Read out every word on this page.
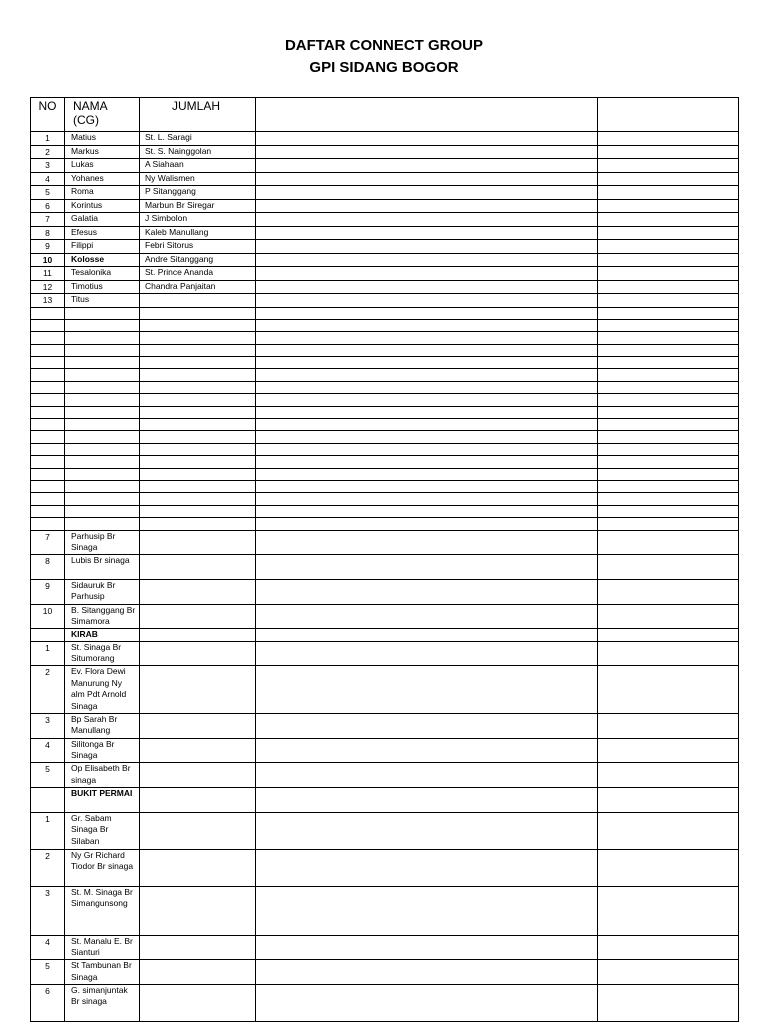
DAFTAR CONNECT GROUP
GPI SIDANG BOGOR
NO	NAMA (CG)	JUMLAH		
1	Matius	St. L. Saragi		
2	Markus	St. S. Nainggolan		
3	Lukas	A Siahaan		
4	Yohanes	Ny Walismen		
5	Roma	P Sitanggang		
6	Korintus	Marbun Br Siregar		
7	Galatia	J Simbolon		
8	Efesus	Kaleb Manullang		
9	Filippi	Febri Sitorus		
10	Kolosse	Andre Sitanggang		
11	Tesalonika	St. Prince Ananda		
12	Timotius	Chandra Panjaitan		
13	Titus			

7	Parhusip Br Sinaga			
8	Lubis Br sinaga			
9	Sidauruk Br Parhusip			
10	B. Sitanggang Br Simamora			
	KIRAB			
1	St. Sinaga Br Situmorang			
2	Ev. Flora Dewi Manurung Ny alm Pdt Arnold Sinaga			
3	Bp Sarah Br Manullang			
4	Silitonga Br Sinaga			
5	Op Elisabeth Br sinaga			
	BUKIT PERMAI			
1	Gr. Sabam Sinaga Br Silaban			
2	Ny Gr Richard Tiodor Br sinaga			
3	St. M. Sinaga Br Simangunsong			
4	St. Manalu E. Br Sianturi			
5	St Tambunan Br Sinaga			
6	G. simanjuntak Br sinaga			
